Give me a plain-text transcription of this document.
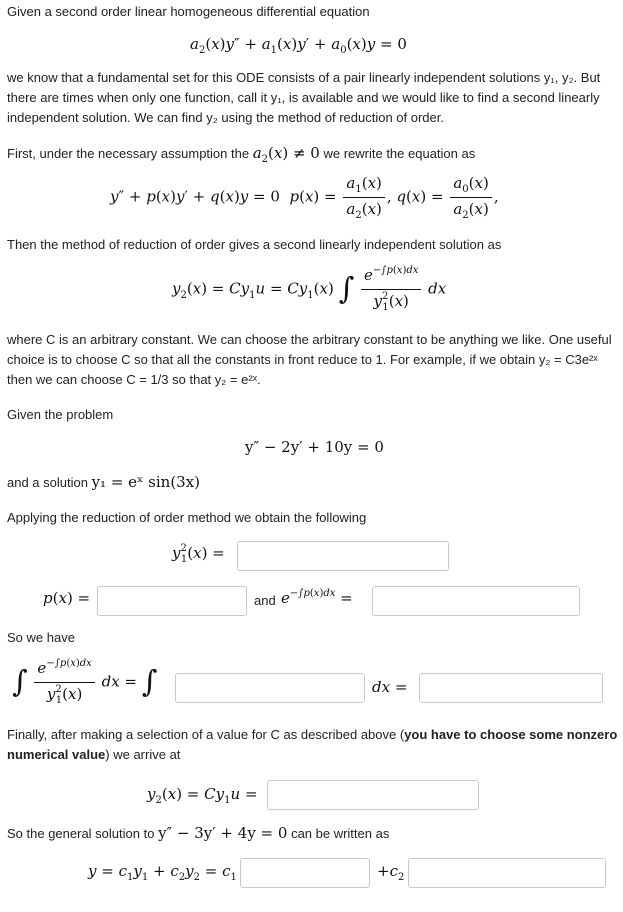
Given a second order linear homogeneous differential equation
$a_2(x)y'' + a_1(x)y' + a_0(x)y = 0$
we know that a fundamental set for this ODE consists of a pair linearly independent solutions y₁, y₂. But there are times when only one function, call it y₁, is available and we would like to find a second linearly independent solution. We can find y₂ using the method of reduction of order.
First, under the necessary assumption the $a_2(x) \ne 0$ we rewrite the equation as
y″ + p(x)y′ + q(x)y = 0  $p(x) = \frac{a_1(x)}{a_2(x)}$ , $q(x) = \frac{a_0(x)}{a_2(x)}$ ,
Then the method of reduction of order gives a second linearly independent solution as
$y_2(x) = Cy_1u = Cy_1(x)$ ∫ $\frac{e^{-\int p(x)dx}}{y^2_1(x)}$ dx
where C is an arbitrary constant. We can choose the arbitrary constant to be anything we like. One useful choice is to choose C so that all the constants in front reduce to 1. For example, if we obtain y₂ = C3e²ˣ then we can choose C = 1/3 so that y₂ = e²ˣ.
Given the problem
y″ − 2y′ + 10y = 0
and a solution y₁ = eˣ sin(3x)
Applying the reduction of order method we obtain the following
$y^2_1(x)$ =
p(x) =	and $e^{-\int p(x)dx}$ =
So we have
∫ $\frac{e^{-\int p(x)dx}}{y^2_1(x)}$ dx = ∫	dx =
Finally, after making a selection of a value for C as described above (you have to choose some nonzero numerical value) we arrive at
$y_2(x) = Cy_1u$ =
So the general solution to y″ − 3y′ + 4y = 0 can be written as
$y = c_1y_1 + c_2y_2 = c_1$	$+c_2$
